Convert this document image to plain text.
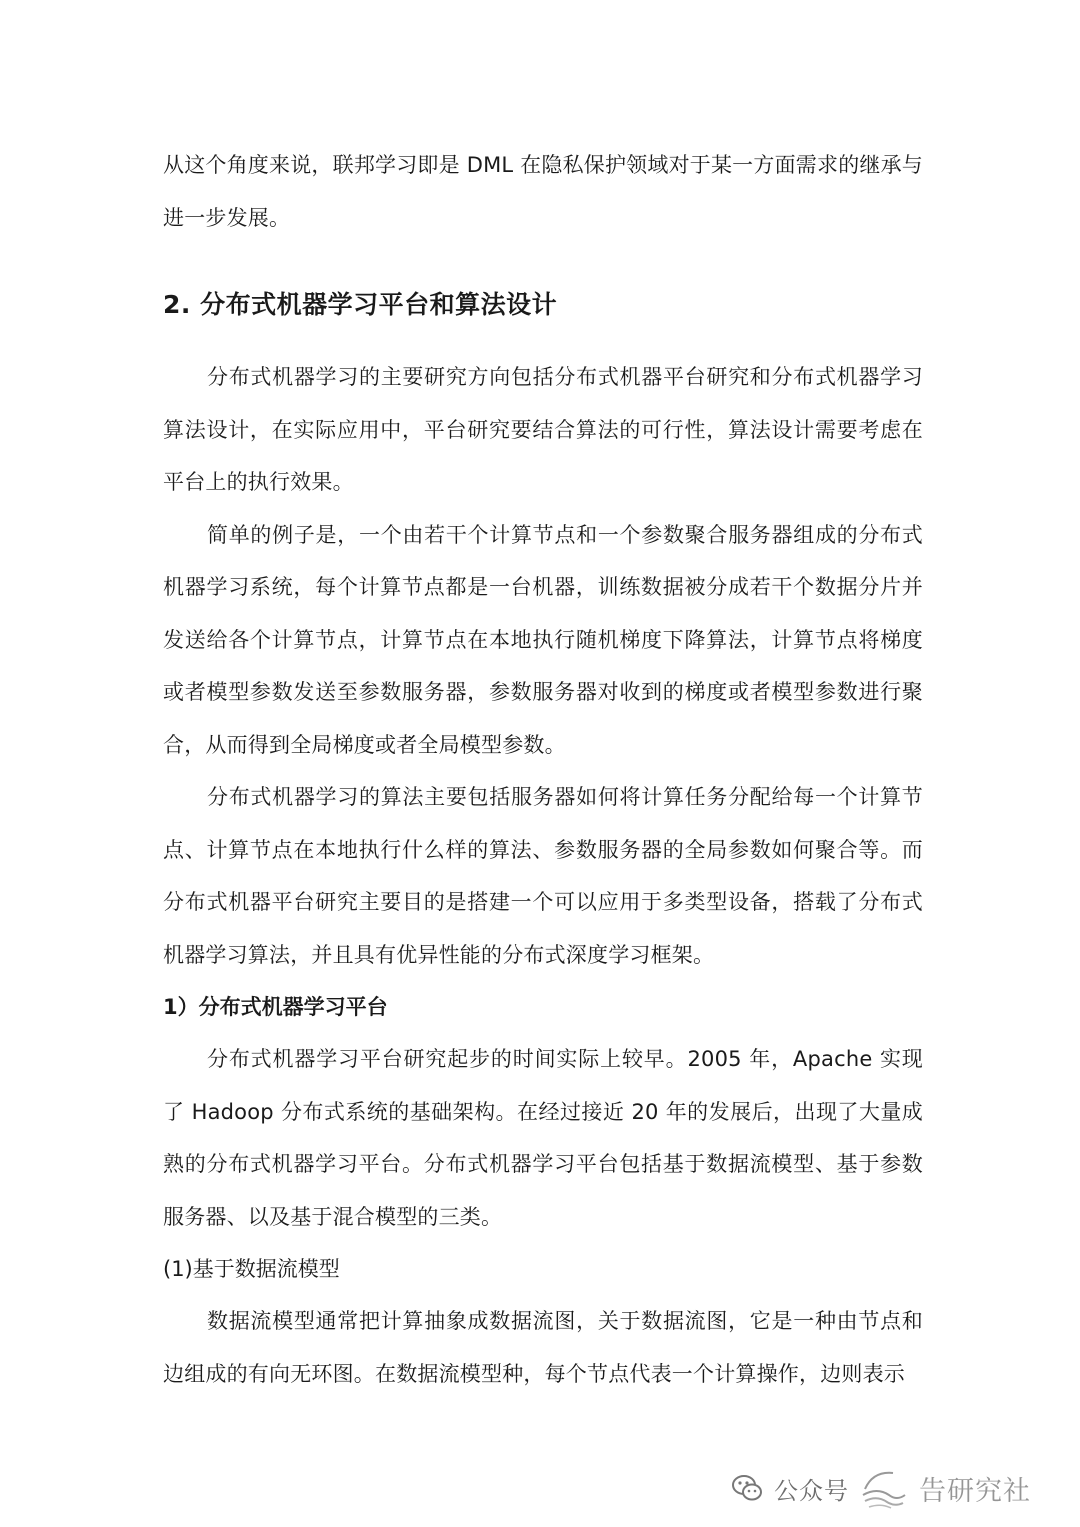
从这个角度来说，联邦学习即是 DML 在隐私保护领域对于某一方面需求的继承与进一步发展。

2. 分布式机器学习平台和算法设计

分布式机器学习的主要研究方向包括分布式机器平台研究和分布式机器学习算法设计，在实际应用中，平台研究要结合算法的可行性，算法设计需要考虑在平台上的执行效果。

简单的例子是，一个由若干个计算节点和一个参数聚合服务器组成的分布式机器学习系统，每个计算节点都是一台机器，训练数据被分成若干个数据分片并发送给各个计算节点，计算节点在本地执行随机梯度下降算法，计算节点将梯度或者模型参数发送至参数服务器，参数服务器对收到的梯度或者模型参数进行聚合，从而得到全局梯度或者全局模型参数。

分布式机器学习的算法主要包括服务器如何将计算任务分配给每一个计算节点、计算节点在本地执行什么样的算法、参数服务器的全局参数如何聚合等。而分布式机器平台研究主要目的是搭建一个可以应用于多类型设备，搭载了分布式机器学习算法，并且具有优异性能的分布式深度学习框架。

1）分布式机器学习平台

分布式机器学习平台研究起步的时间实际上较早。2005 年，Apache 实现了 Hadoop 分布式系统的基础架构。在经过接近 20 年的发展后，出现了大量成熟的分布式机器学习平台。分布式机器学习平台包括基于数据流模型、基于参数服务器、以及基于混合模型的三类。

(1)基于数据流模型

数据流模型通常把计算抽象成数据流图，关于数据流图，它是一种由节点和边组成的有向无环图。在数据流模型种，每个节点代表一个计算操作，边则表示

公众号	告研究社
